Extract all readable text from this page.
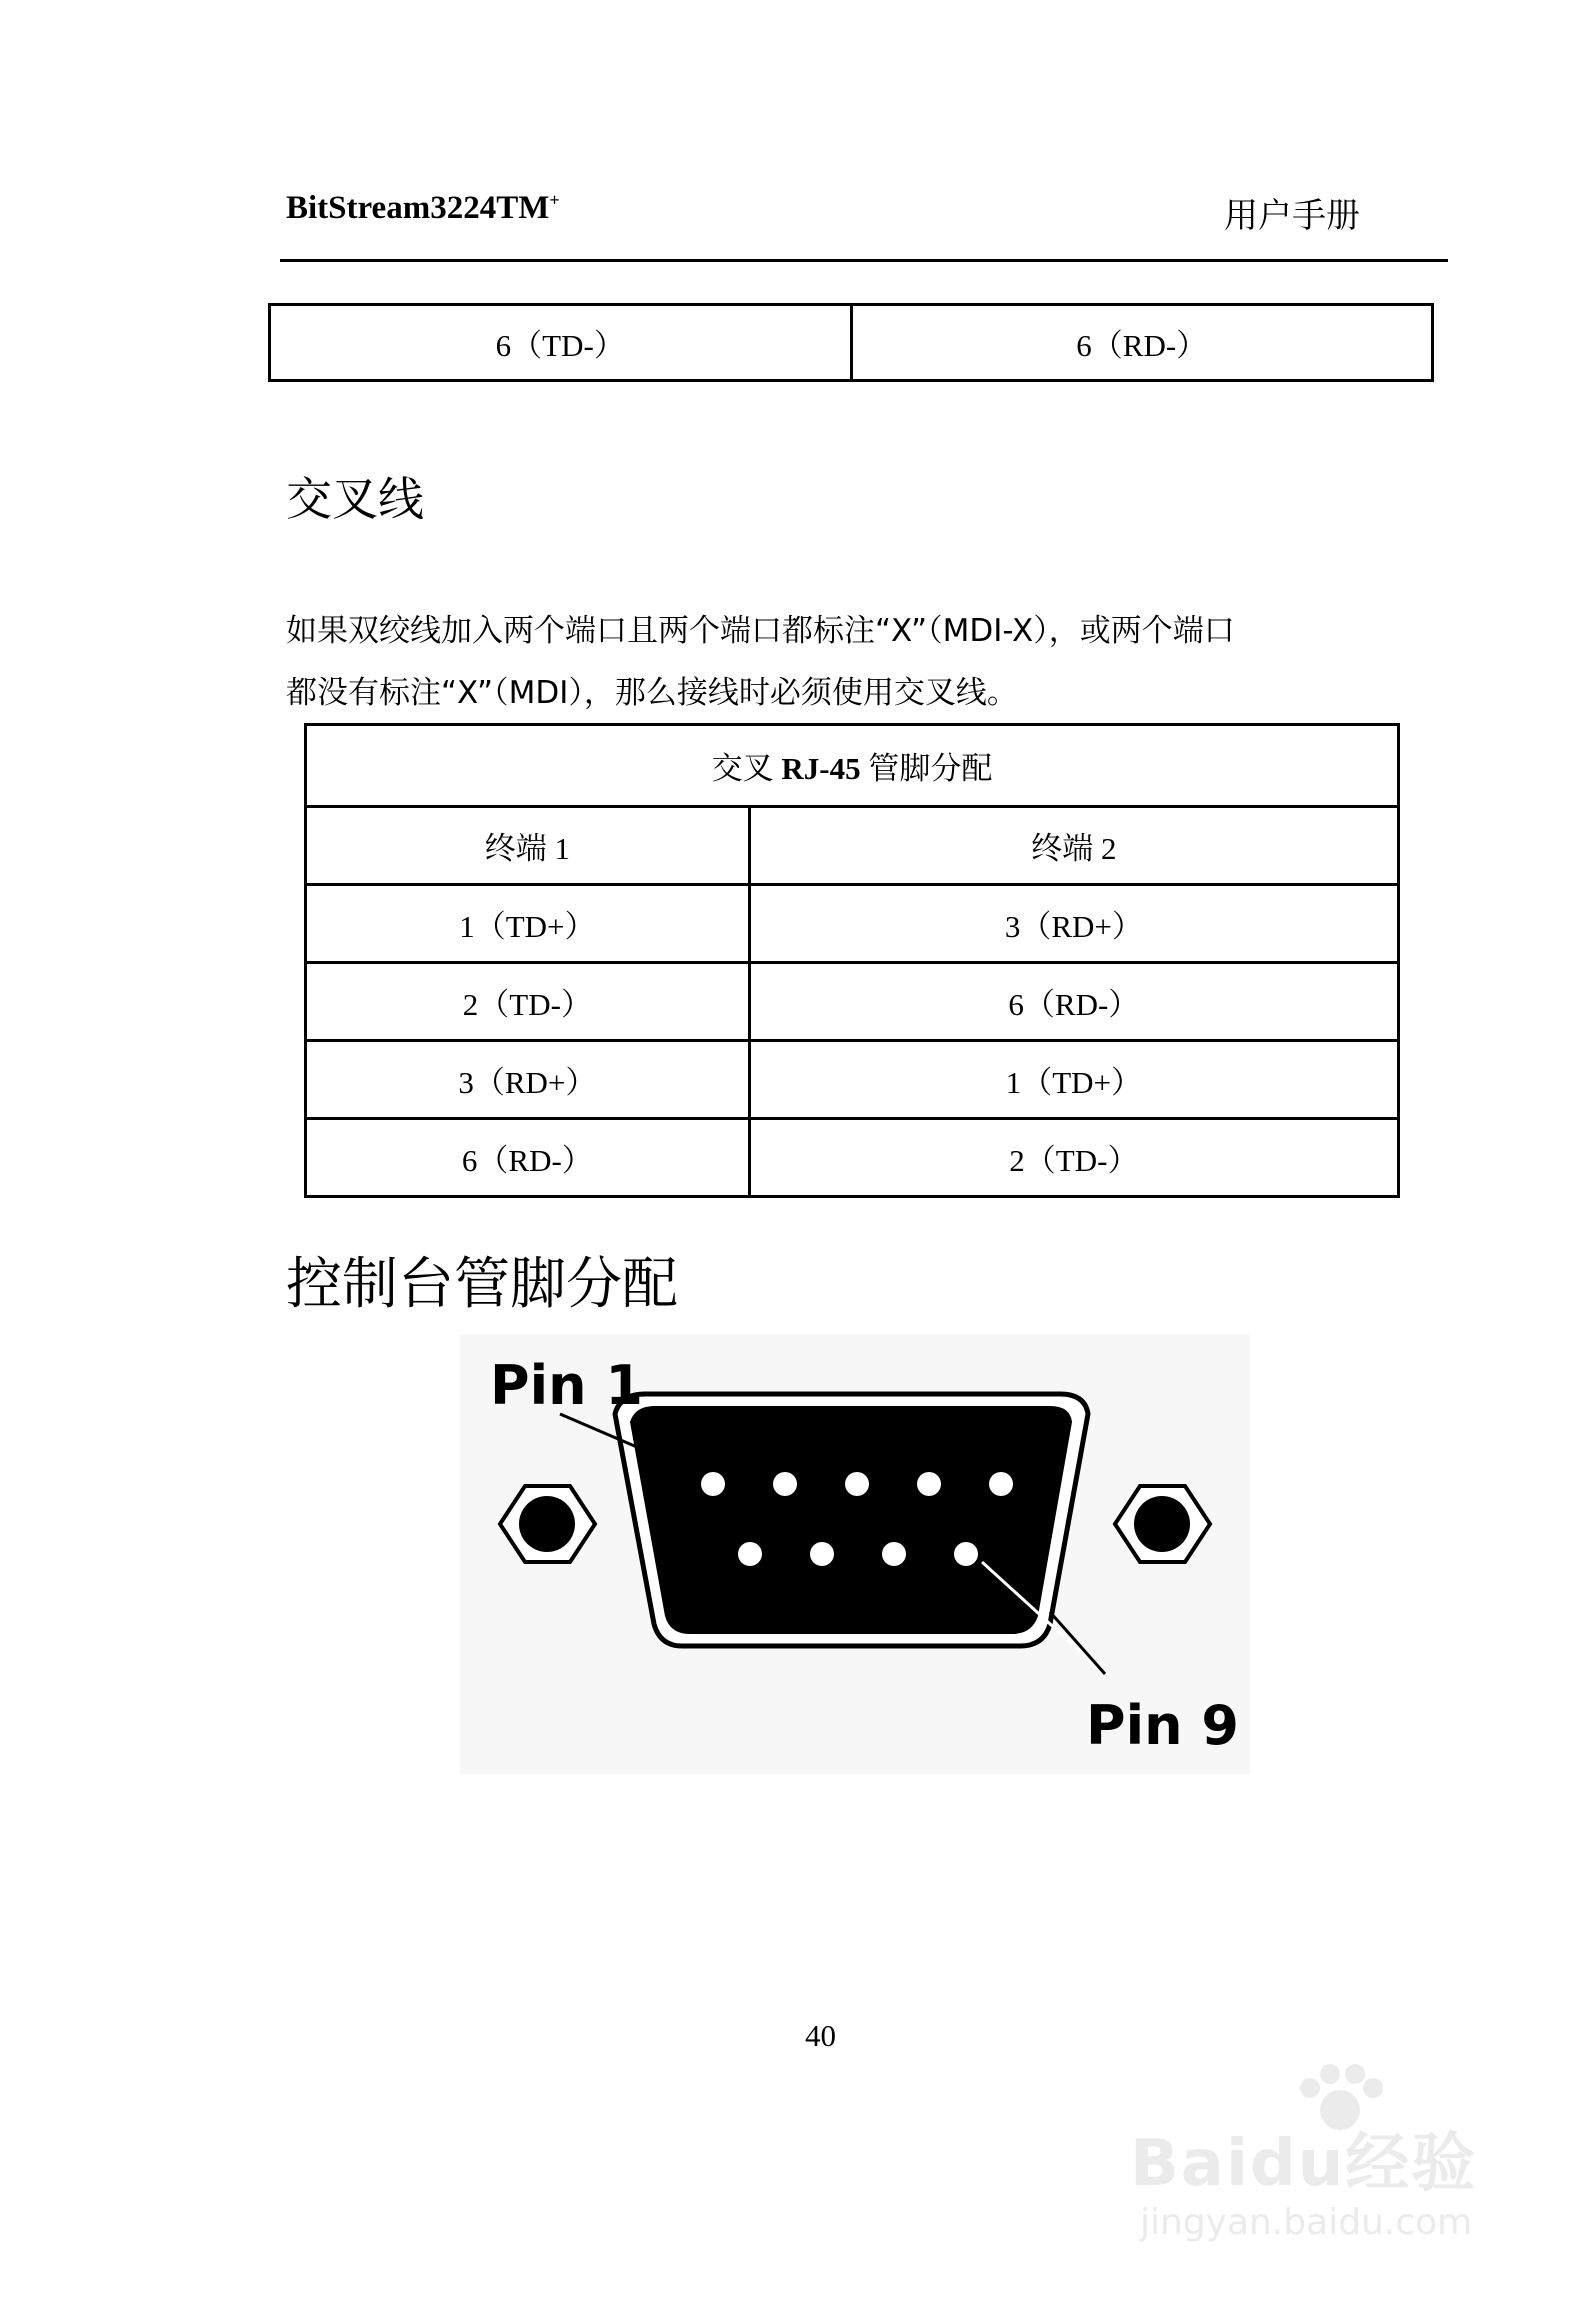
BitStream3224TM+	用户手册
6（TD-）	6（RD-）
交叉线
如果双绞线加入两个端口且两个端口都标注“X”（MDI-X），或两个端口
都没有标注“X”（MDI），那么接线时必须使用交叉线。
交叉 RJ-45 管脚分配	
终端 1	终端 2
1（TD+）	3（RD+）
2（TD-）	6（RD-）
3（RD+）	1（TD+）
6（RD-）	2（TD-）
控制台管脚分配
Pin 1
Pin 9
40
Baidu经验
jingyan.baidu.com
